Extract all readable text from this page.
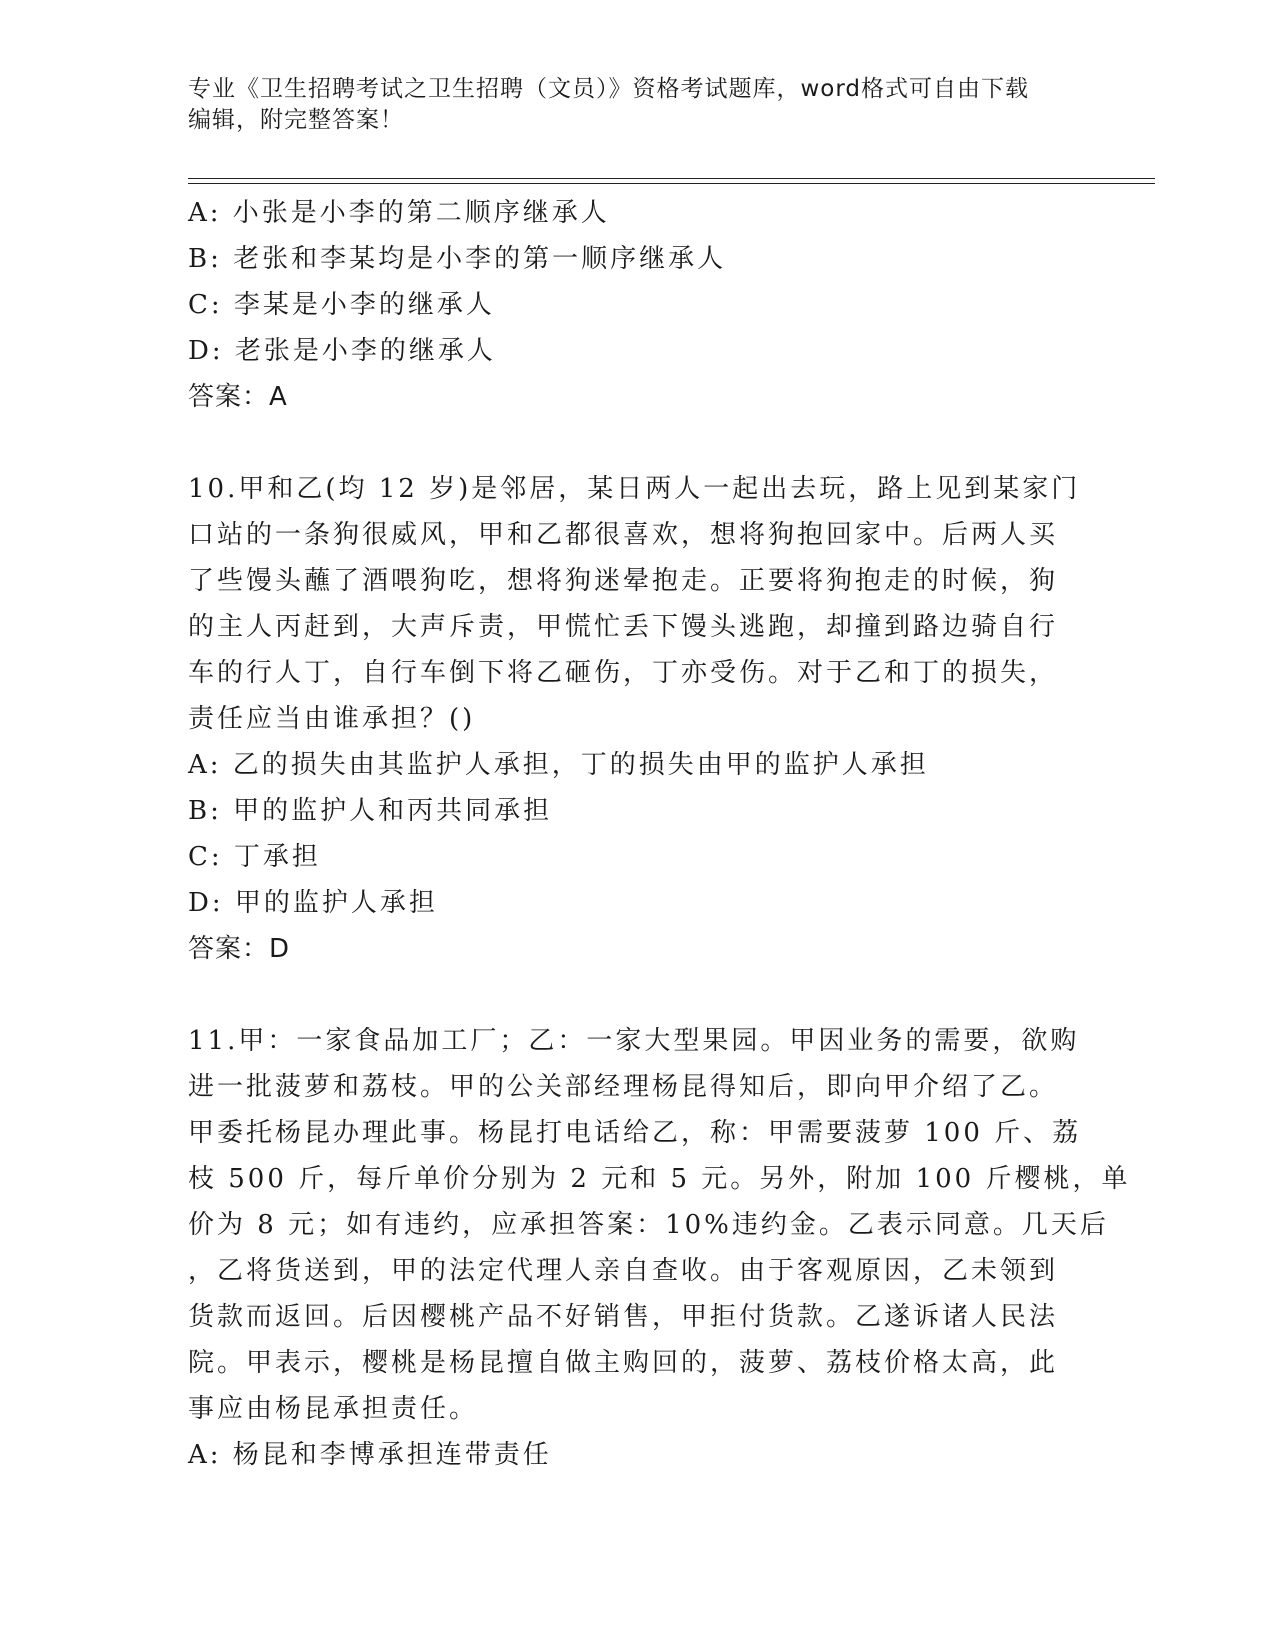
专业《卫生招聘考试之卫生招聘（文员）》资格考试题库，word格式可自由下载
编辑，附完整答案！
A: 小张是小李的第二顺序继承人
B: 老张和李某均是小李的第一顺序继承人
C: 李某是小李的继承人
D: 老张是小李的继承人
答案：A
10.甲和乙(均 12 岁)是邻居，某日两人一起出去玩，路上见到某家门
口站的一条狗很威风，甲和乙都很喜欢，想将狗抱回家中。后两人买
了些馒头蘸了酒喂狗吃，想将狗迷晕抱走。正要将狗抱走的时候，狗
的主人丙赶到，大声斥责，甲慌忙丢下馒头逃跑，却撞到路边骑自行
车的行人丁，自行车倒下将乙砸伤，丁亦受伤。对于乙和丁的损失，
责任应当由谁承担？()
A: 乙的损失由其监护人承担，丁的损失由甲的监护人承担
B: 甲的监护人和丙共同承担
C: 丁承担
D: 甲的监护人承担
答案：D
11.甲：一家食品加工厂；乙：一家大型果园。甲因业务的需要，欲购
进一批菠萝和荔枝。甲的公关部经理杨昆得知后，即向甲介绍了乙。
甲委托杨昆办理此事。杨昆打电话给乙，称：甲需要菠萝 100 斤、荔
枝 500 斤，每斤单价分别为 2 元和 5 元。另外，附加 100 斤樱桃，单
价为 8 元；如有违约，应承担答案：10%违约金。乙表示同意。几天后
，乙将货送到，甲的法定代理人亲自查收。由于客观原因，乙未领到
货款而返回。后因樱桃产品不好销售，甲拒付货款。乙遂诉诸人民法
院。甲表示，樱桃是杨昆擅自做主购回的，菠萝、荔枝价格太高，此
事应由杨昆承担责任。
A: 杨昆和李博承担连带责任
